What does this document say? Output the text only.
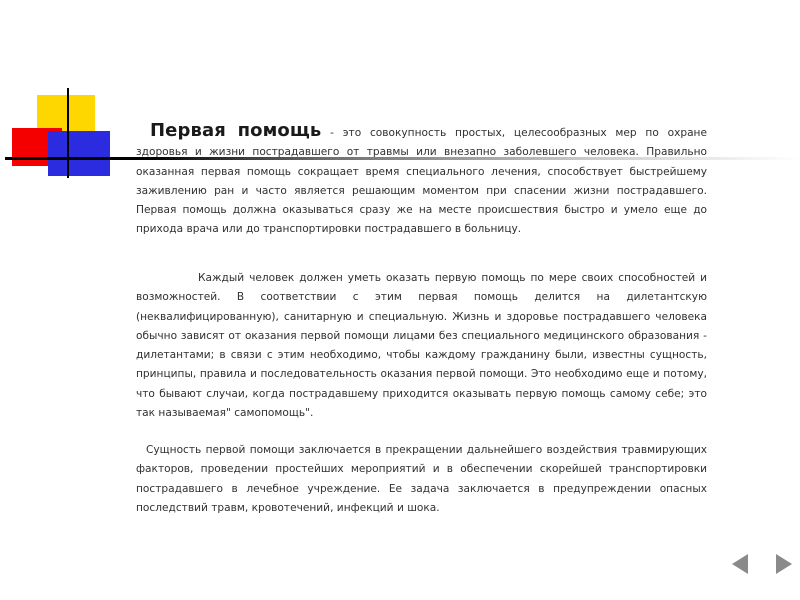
Первая помощь - это совокупность простых, целесообразных мер по охране здоровья и жизни пострадавшего от травмы или внезапно заболевшего человека. Правильно оказанная первая помощь сокращает время специального лечения, способствует быстрейшему заживлению ран и часто является решающим моментом при спасении жизни пострадавшего. Первая помощь должна оказываться сразу же на месте происшествия быстро и умело еще до прихода врача или до транспортировки пострадавшего в больницу.

Каждый человек должен уметь оказать первую помощь по мере своих способностей и возможностей. В соответствии с этим первая помощь делится на дилетантскую (неквалифицированную), санитарную и специальную. Жизнь и здоровье пострадавшего человека обычно зависят от оказания первой помощи лицами без специального медицинского образования - дилетантами; в связи с этим необходимо, чтобы каждому гражданину были, известны сущность, принципы, правила и последовательность оказания первой помощи. Это необходимо еще и потому, что бывают случаи, когда пострадавшему приходится оказывать первую помощь самому себе; это так называемая" самопомощь".

Сущность первой помощи заключается в прекращении дальнейшего воздействия травмирующих факторов, проведении простейших мероприятий и в обеспечении скорейшей транспортировки пострадавшего в лечебное учреждение. Ее задача заключается в предупреждении опасных последствий травм, кровотечений, инфекций и шока.
